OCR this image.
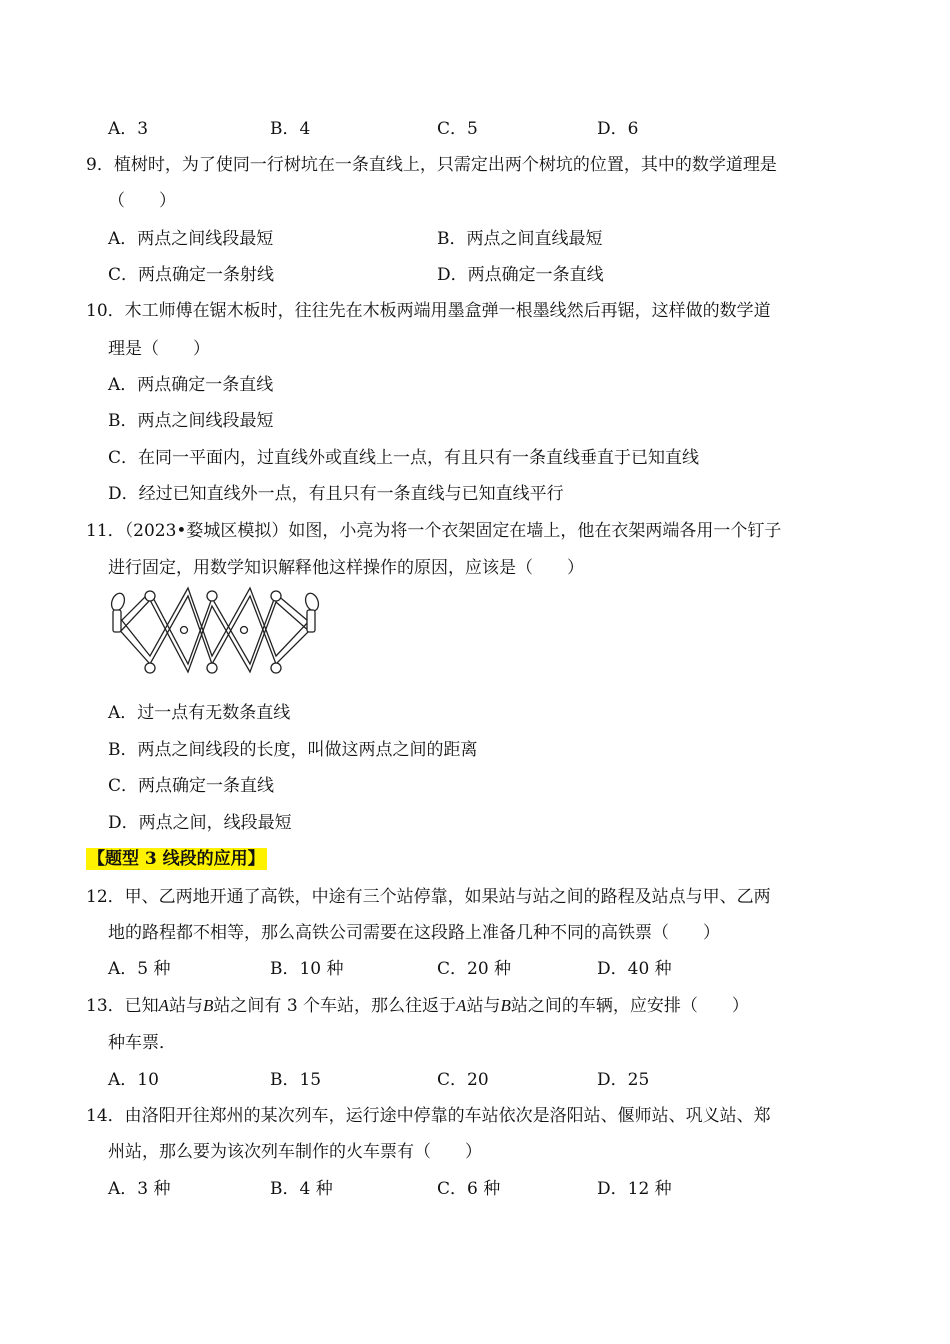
A．3	B．4	C．5	D．6
9．植树时，为了使同一行树坑在一条直线上，只需定出两个树坑的位置，其中的数学道理是
（　　）
A．两点之间线段最短	B．两点之间直线最短
C．两点确定一条射线	D．两点确定一条直线
10．木工师傅在锯木板时，往往先在木板两端用墨盒弹一根墨线然后再锯，这样做的数学道
理是（　　）
A．两点确定一条直线
B．两点之间线段最短
C．在同一平面内，过直线外或直线上一点，有且只有一条直线垂直于已知直线
D．经过已知直线外一点，有且只有一条直线与已知直线平行
11．（2023•婺城区模拟）如图，小亮为将一个衣架固定在墙上，他在衣架两端各用一个钉子
进行固定，用数学知识解释他这样操作的原因，应该是（　　）
A．过一点有无数条直线
B．两点之间线段的长度，叫做这两点之间的距离
C．两点确定一条直线
D．两点之间，线段最短
【题型 3 线段的应用】
12．甲、乙两地开通了高铁，中途有三个站停靠，如果站与站之间的路程及站点与甲、乙两
地的路程都不相等，那么高铁公司需要在这段路上准备几种不同的高铁票（　　）
A．5 种	B．10 种	C．20 种	D．40 种
13．已知A站与B站之间有 3 个车站，那么往返于A站与B站之间的车辆，应安排（　　）
种车票．
A．10	B．15	C．20	D．25
14．由洛阳开往郑州的某次列车，运行途中停靠的车站依次是洛阳站、偃师站、巩义站、郑
州站，那么要为该次列车制作的火车票有（　　）
A．3 种	B．4 种	C．6 种	D．12 种
